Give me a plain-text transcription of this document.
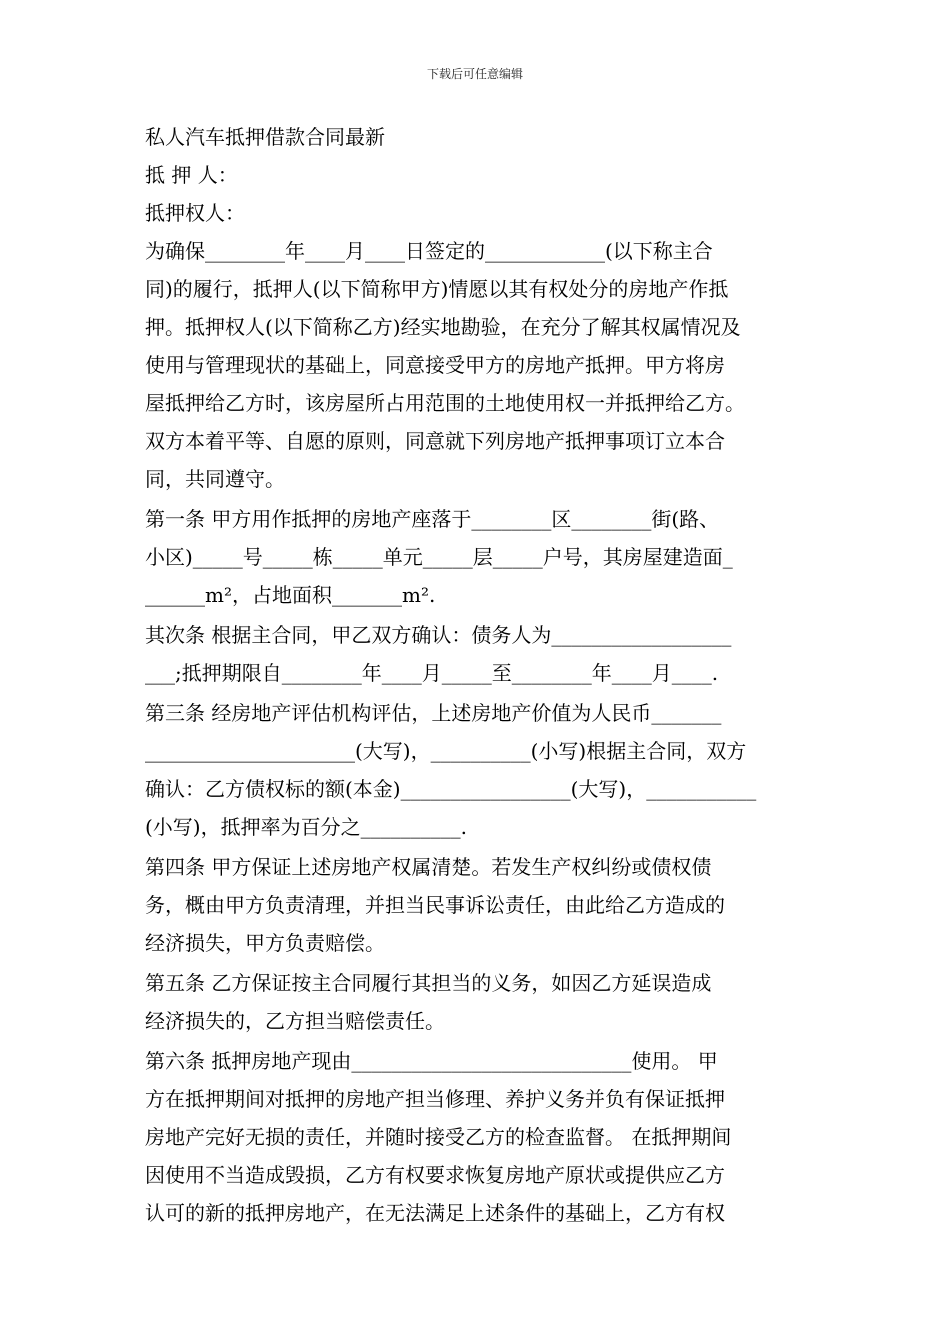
下载后可任意编辑
私人汽车抵押借款合同最新
抵 押 人：
抵押权人：
为确保________年____月____日签定的____________(以下称主合
同)的履行，抵押人(以下简称甲方)情愿以其有权处分的房地产作抵
押。抵押权人(以下简称乙方)经实地勘验，在充分了解其权属情况及
使用与管理现状的基础上，同意接受甲方的房地产抵押。甲方将房
屋抵押给乙方时，该房屋所占用范围的土地使用权一并抵押给乙方。
双方本着平等、自愿的原则，同意就下列房地产抵押事项订立本合
同，共同遵守。
第一条 甲方用作抵押的房地产座落于________区________街(路、
小区)_____号_____栋_____单元_____层_____户号，其房屋建造面_
______m²，占地面积_______m².
其次条 根据主合同，甲乙双方确认：债务人为__________________
___;抵押期限自________年____月_____至________年____月____.
第三条 经房地产评估机构评估，上述房地产价值为人民币_______
_____________________(大写)，__________(小写)根据主合同，双方
确认：乙方债权标的额(本金)_________________(大写)，___________
(小写)，抵押率为百分之__________.
第四条 甲方保证上述房地产权属清楚。若发生产权纠纷或债权债
务，概由甲方负责清理，并担当民事诉讼责任，由此给乙方造成的
经济损失，甲方负责赔偿。
第五条 乙方保证按主合同履行其担当的义务，如因乙方延误造成
经济损失的，乙方担当赔偿责任。
第六条 抵押房地产现由____________________________使用。 甲
方在抵押期间对抵押的房地产担当修理、养护义务并负有保证抵押
房地产完好无损的责任，并随时接受乙方的检查监督。 在抵押期间
因使用不当造成毁损，乙方有权要求恢复房地产原状或提供应乙方
认可的新的抵押房地产，在无法满足上述条件的基础上，乙方有权
